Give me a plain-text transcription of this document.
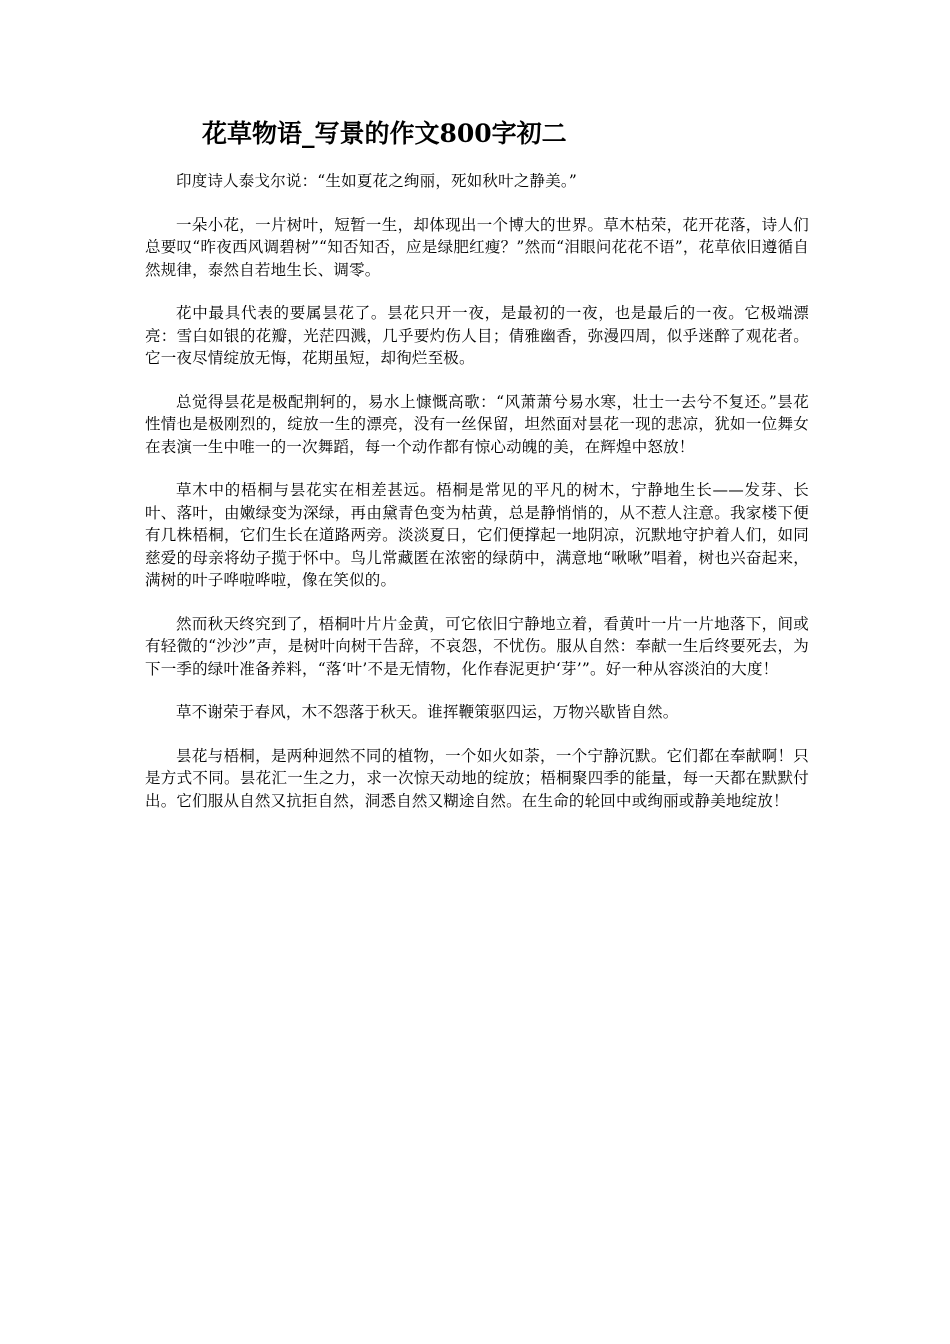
花草物语_写景的作文800字初二

印度诗人泰戈尔说：“生如夏花之绚丽，死如秋叶之静美。”

一朵小花，一片树叶，短暂一生，却体现出一个博大的世界。草木枯荣，花开花落，诗人们总要叹“昨夜西风调碧树”“知否知否，应是绿肥红瘦？”然而“泪眼问花花不语”，花草依旧遵循自然规律，泰然自若地生长、调零。

花中最具代表的要属昙花了。昙花只开一夜，是最初的一夜，也是最后的一夜。它极端漂亮：雪白如银的花瓣，光茫四溅，几乎要灼伤人目；倩雅幽香，弥漫四周，似乎迷醉了观花者。它一夜尽情绽放无悔，花期虽短，却徇烂至极。

总觉得昙花是极配荆轲的，易水上慷慨高歌：“风萧萧兮易水寒，壮士一去兮不复还。”昙花性情也是极刚烈的，绽放一生的漂亮，没有一丝保留，坦然面对昙花一现的悲凉，犹如一位舞女在表演一生中唯一的一次舞蹈，每一个动作都有惊心动魄的美，在辉煌中怒放！

草木中的梧桐与昙花实在相差甚远。梧桐是常见的平凡的树木，宁静地生长——发芽、长叶、落叶，由嫩绿变为深绿，再由黛青色变为枯黄，总是静悄悄的，从不惹人注意。我家楼下便有几株梧桐，它们生长在道路两旁。淡淡夏日，它们便撑起一地阴凉，沉默地守护着人们，如同慈爱的母亲将幼子揽于怀中。鸟儿常藏匿在浓密的绿荫中，满意地“啾啾”唱着，树也兴奋起来，满树的叶子哗啦哗啦，像在笑似的。

然而秋天终究到了，梧桐叶片片金黄，可它依旧宁静地立着，看黄叶一片一片地落下，间或有轻微的“沙沙”声，是树叶向树干告辞，不哀怨，不忧伤。服从自然：奉献一生后终要死去，为下一季的绿叶准备养料，“落‘叶’不是无情物，化作春泥更护‘芽’”。好一种从容淡泊的大度！

草不谢荣于春风，木不怨落于秋天。谁挥鞭策驱四运，万物兴歇皆自然。

昙花与梧桐，是两种迥然不同的植物，一个如火如荼，一个宁静沉默。它们都在奉献啊！只是方式不同。昙花汇一生之力，求一次惊天动地的绽放；梧桐聚四季的能量，每一天都在默默付出。它们服从自然又抗拒自然，洞悉自然又糊途自然。在生命的轮回中或绚丽或静美地绽放！
